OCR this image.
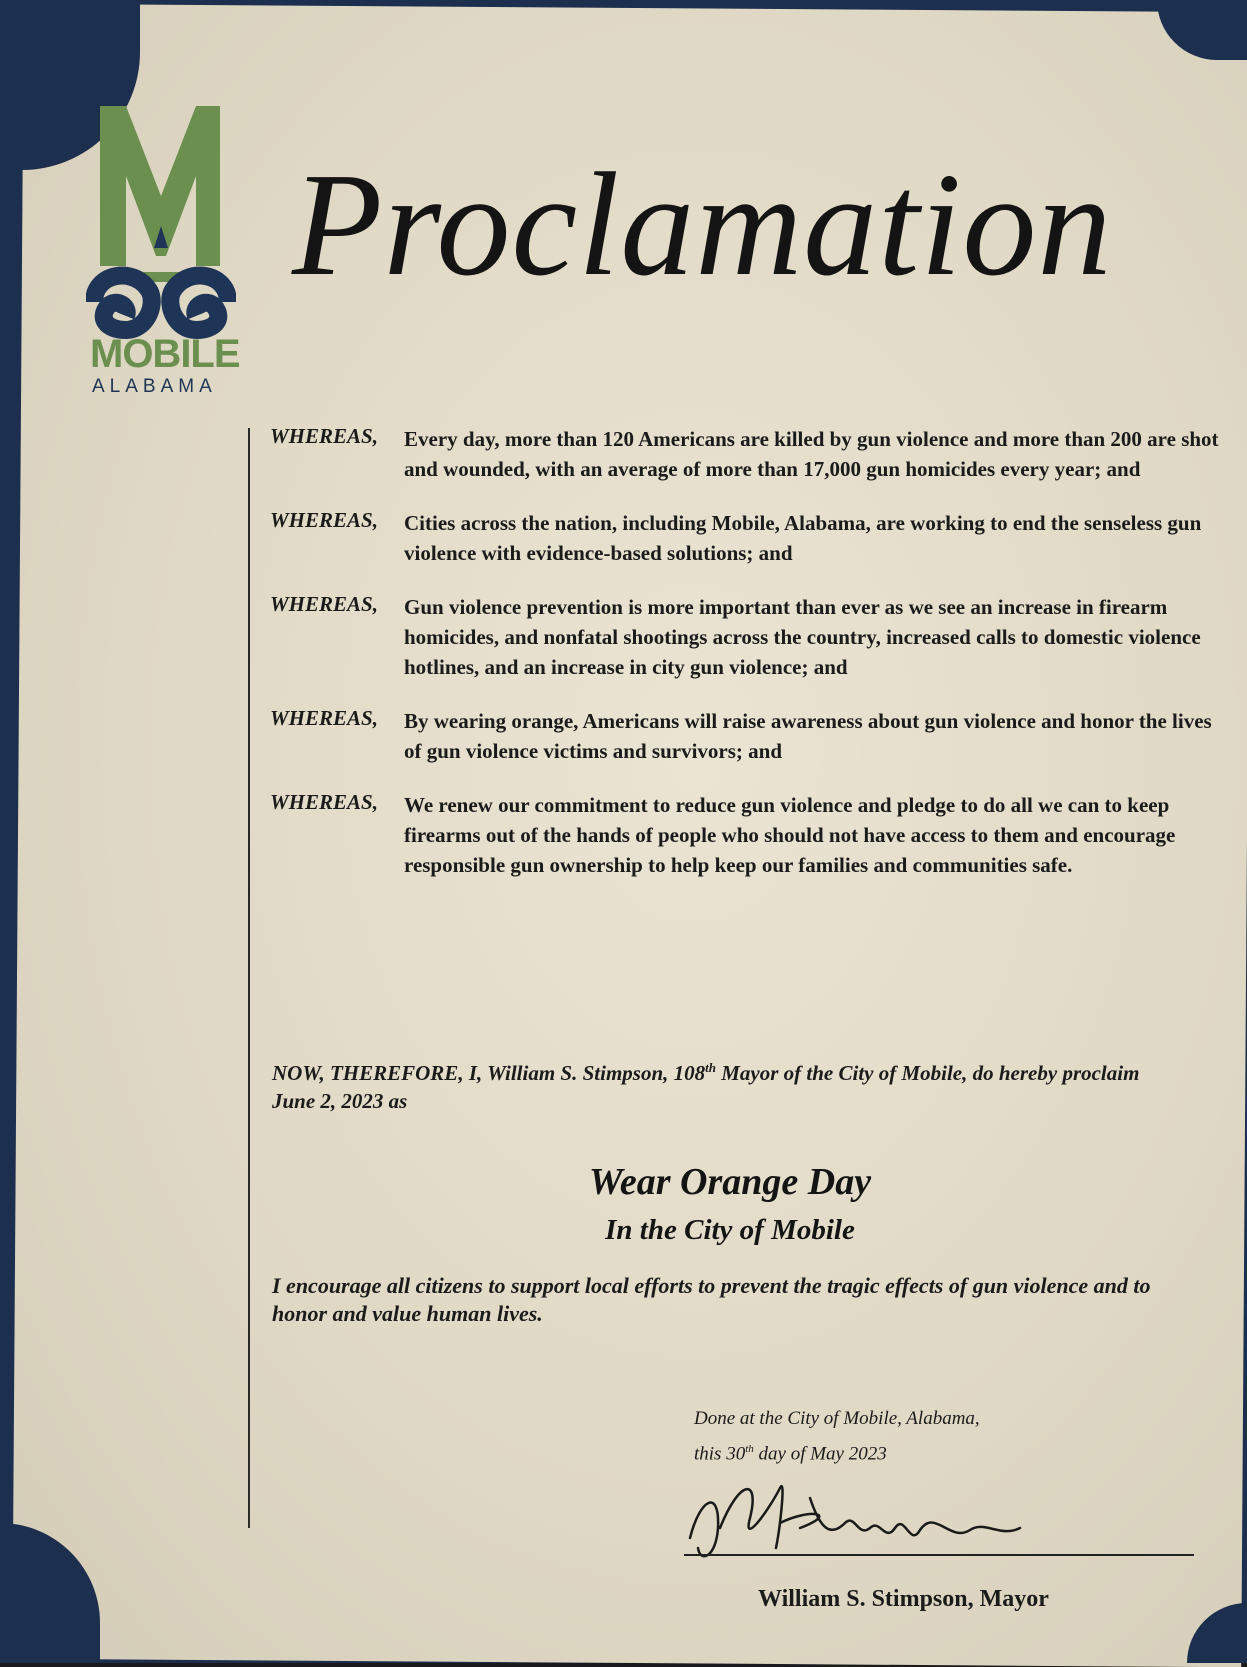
MOBILE
ALABAMA
Proclamation
WHEREAS, Every day, more than 120 Americans are killed by gun violence and more than 200 are shot and wounded, with an average of more than 17,000 gun homicides every year; and
WHEREAS, Cities across the nation, including Mobile, Alabama, are working to end the senseless gun violence with evidence-based solutions; and
WHEREAS, Gun violence prevention is more important than ever as we see an increase in firearm homicides, and nonfatal shootings across the country, increased calls to domestic violence hotlines, and an increase in city gun violence; and
WHEREAS, By wearing orange, Americans will raise awareness about gun violence and honor the lives of gun violence victims and survivors; and
WHEREAS, We renew our commitment to reduce gun violence and pledge to do all we can to keep firearms out of the hands of people who should not have access to them and encourage responsible gun ownership to help keep our families and communities safe.
NOW, THEREFORE, I, William S. Stimpson, 108th Mayor of the City of Mobile, do hereby proclaim June 2, 2023 as
Wear Orange Day
In the City of Mobile
I encourage all citizens to support local efforts to prevent the tragic effects of gun violence and to honor and value human lives.
Done at the City of Mobile, Alabama,
this 30th day of May 2023
William S. Stimpson, Mayor
